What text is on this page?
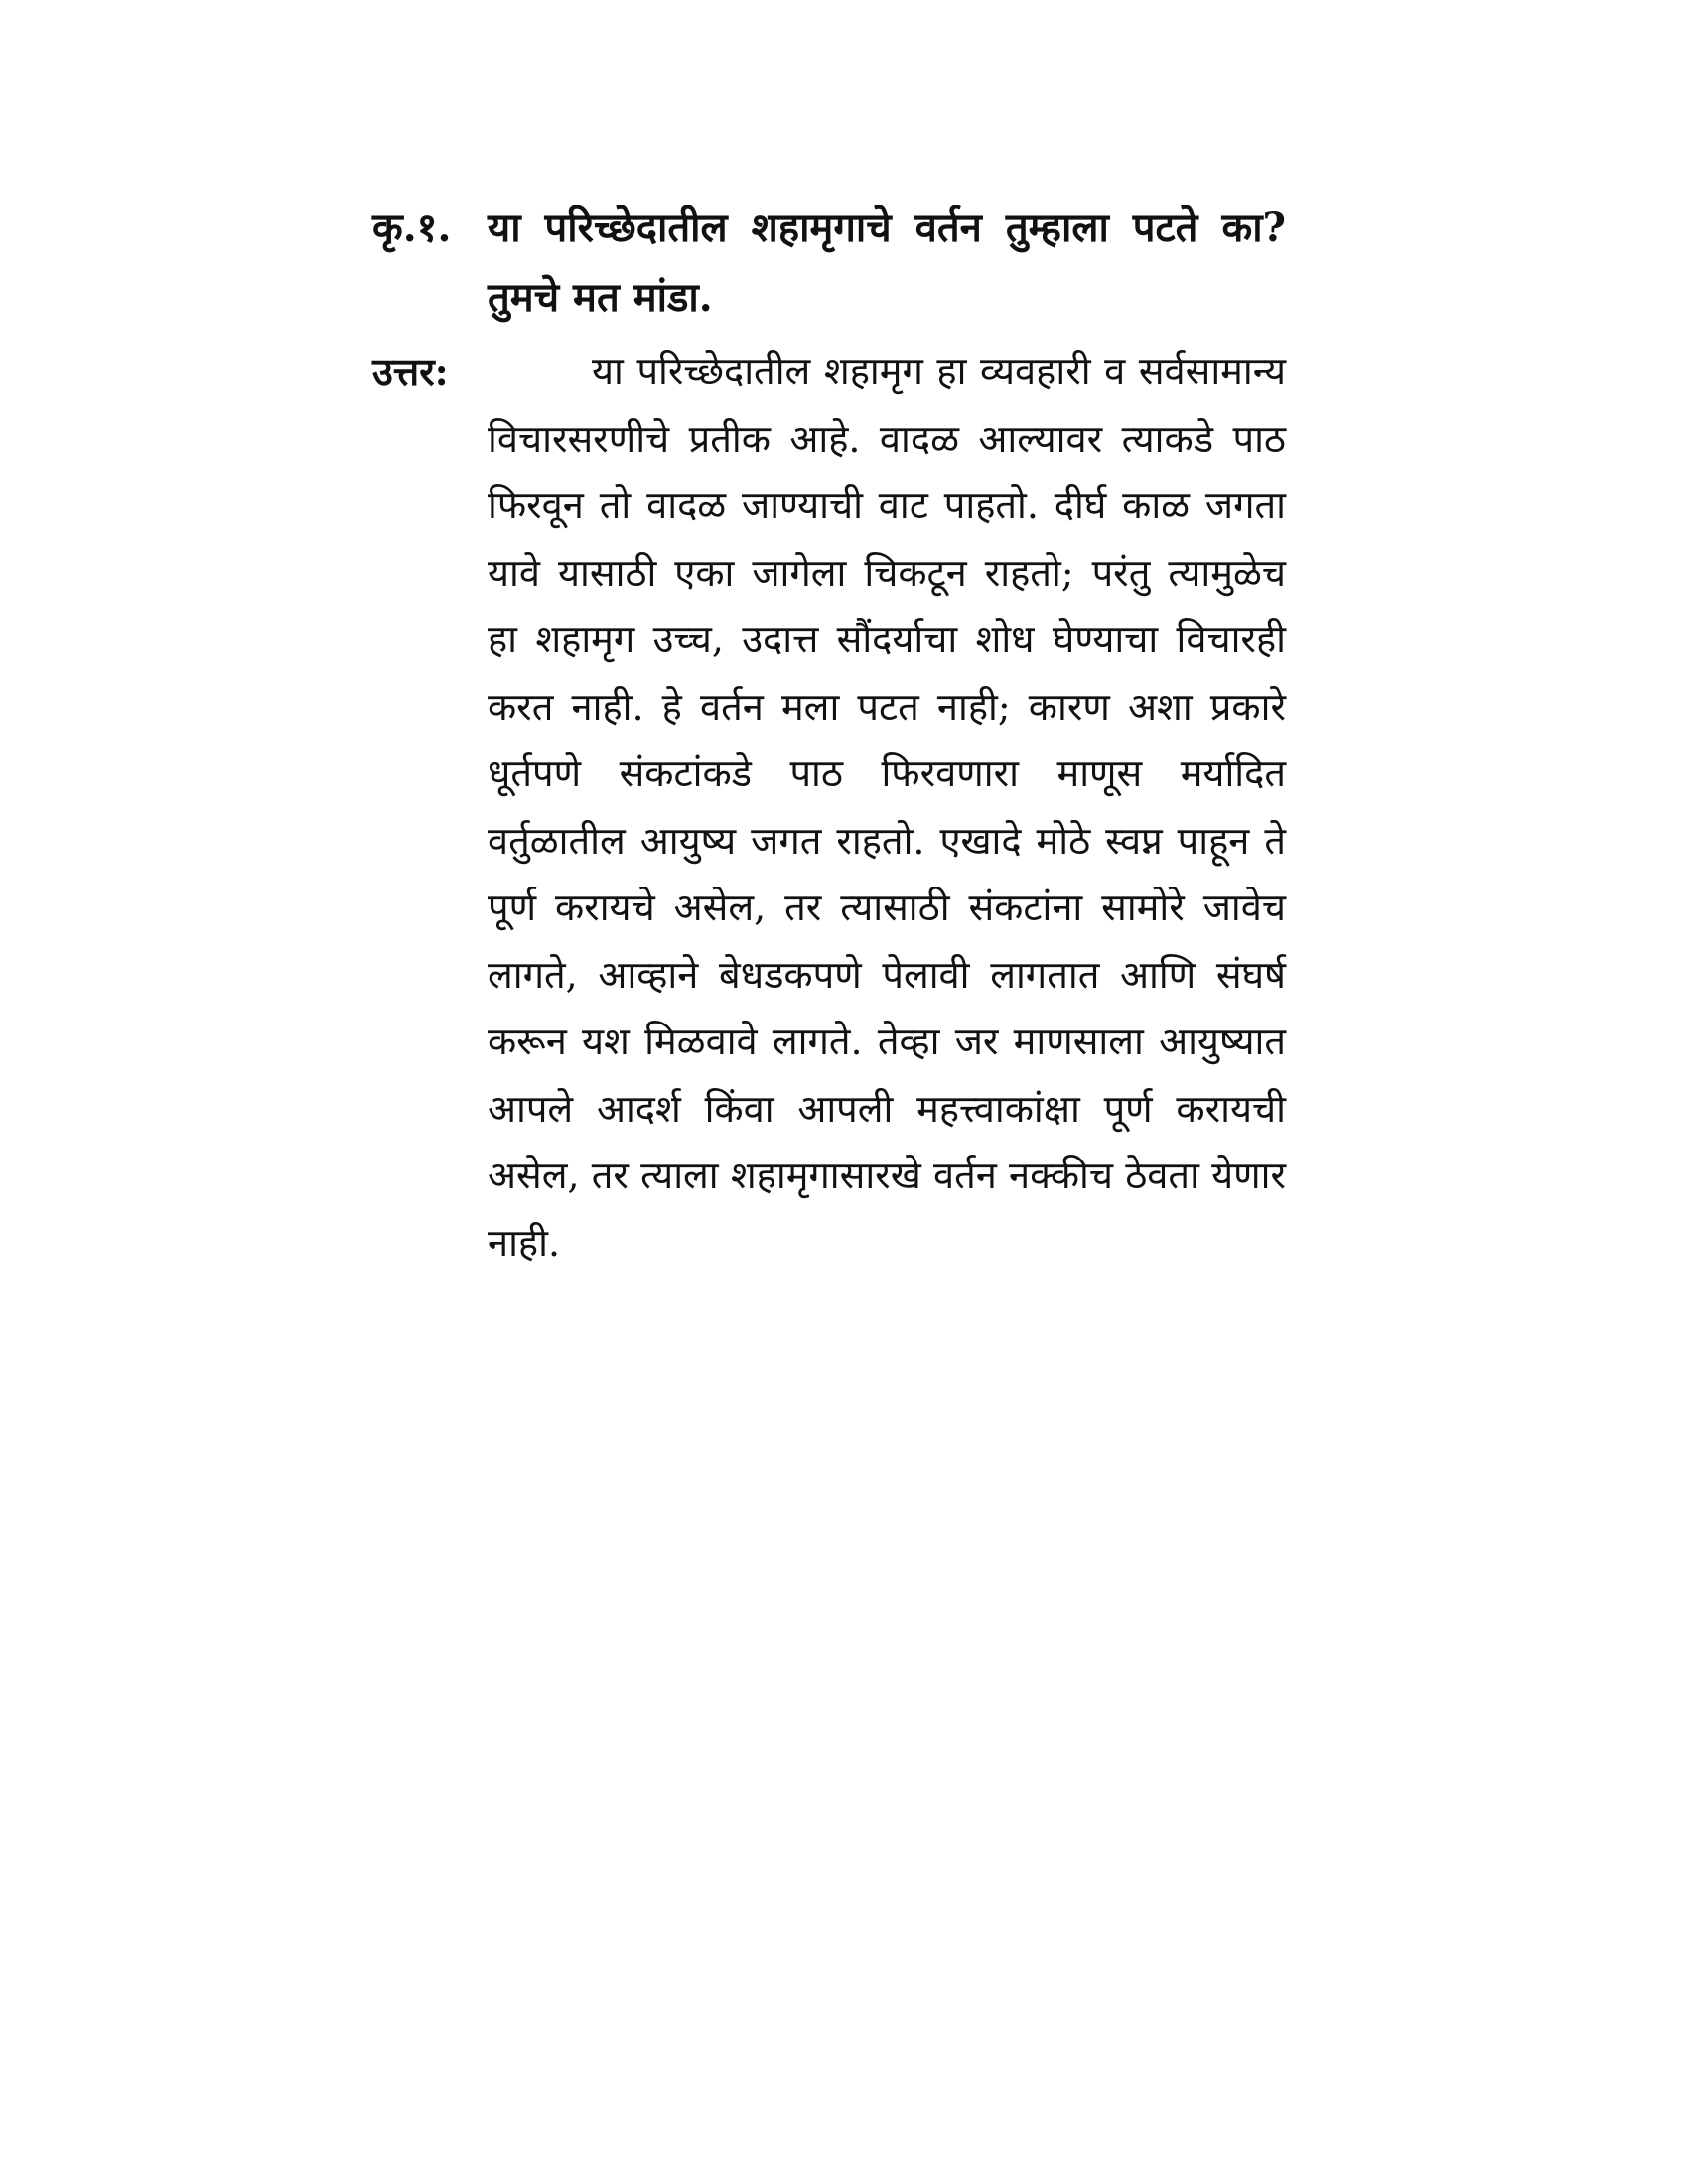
कृ.१. या परिच्छेदातील शहामृगाचे वर्तन तुम्हाला पटते का? तुमचे मत मांडा.
उत्तर:	या परिच्छेदातील शहामृग हा व्यवहारी व सर्वसामान्य विचारसरणीचे प्रतीक आहे. वादळ आल्यावर त्याकडे पाठ फिरवून तो वादळ जाण्याची वाट पाहतो. दीर्घ काळ जगता यावे यासाठी एका जागेला चिकटून राहतो; परंतु त्यामुळेच हा शहामृग उच्च, उदात्त सौंदर्याचा शोध घेण्याचा विचारही करत नाही. हे वर्तन मला पटत नाही; कारण अशा प्रकारे धूर्तपणे संकटांकडे पाठ फिरवणारा माणूस मर्यादित वर्तुळातील आयुष्य जगत राहतो. एखादे मोठे स्वप्न पाहून ते पूर्ण करायचे असेल, तर त्यासाठी संकटांना सामोरे जावेच लागते, आव्हाने बेधडकपणे पेलावी लागतात आणि संघर्ष करून यश मिळवावे लागते. तेव्हा जर माणसाला आयुष्यात आपले आदर्श किंवा आपली महत्त्वाकांक्षा पूर्ण करायची असेल, तर त्याला शहामृगासारखे वर्तन नक्कीच ठेवता येणार नाही.
